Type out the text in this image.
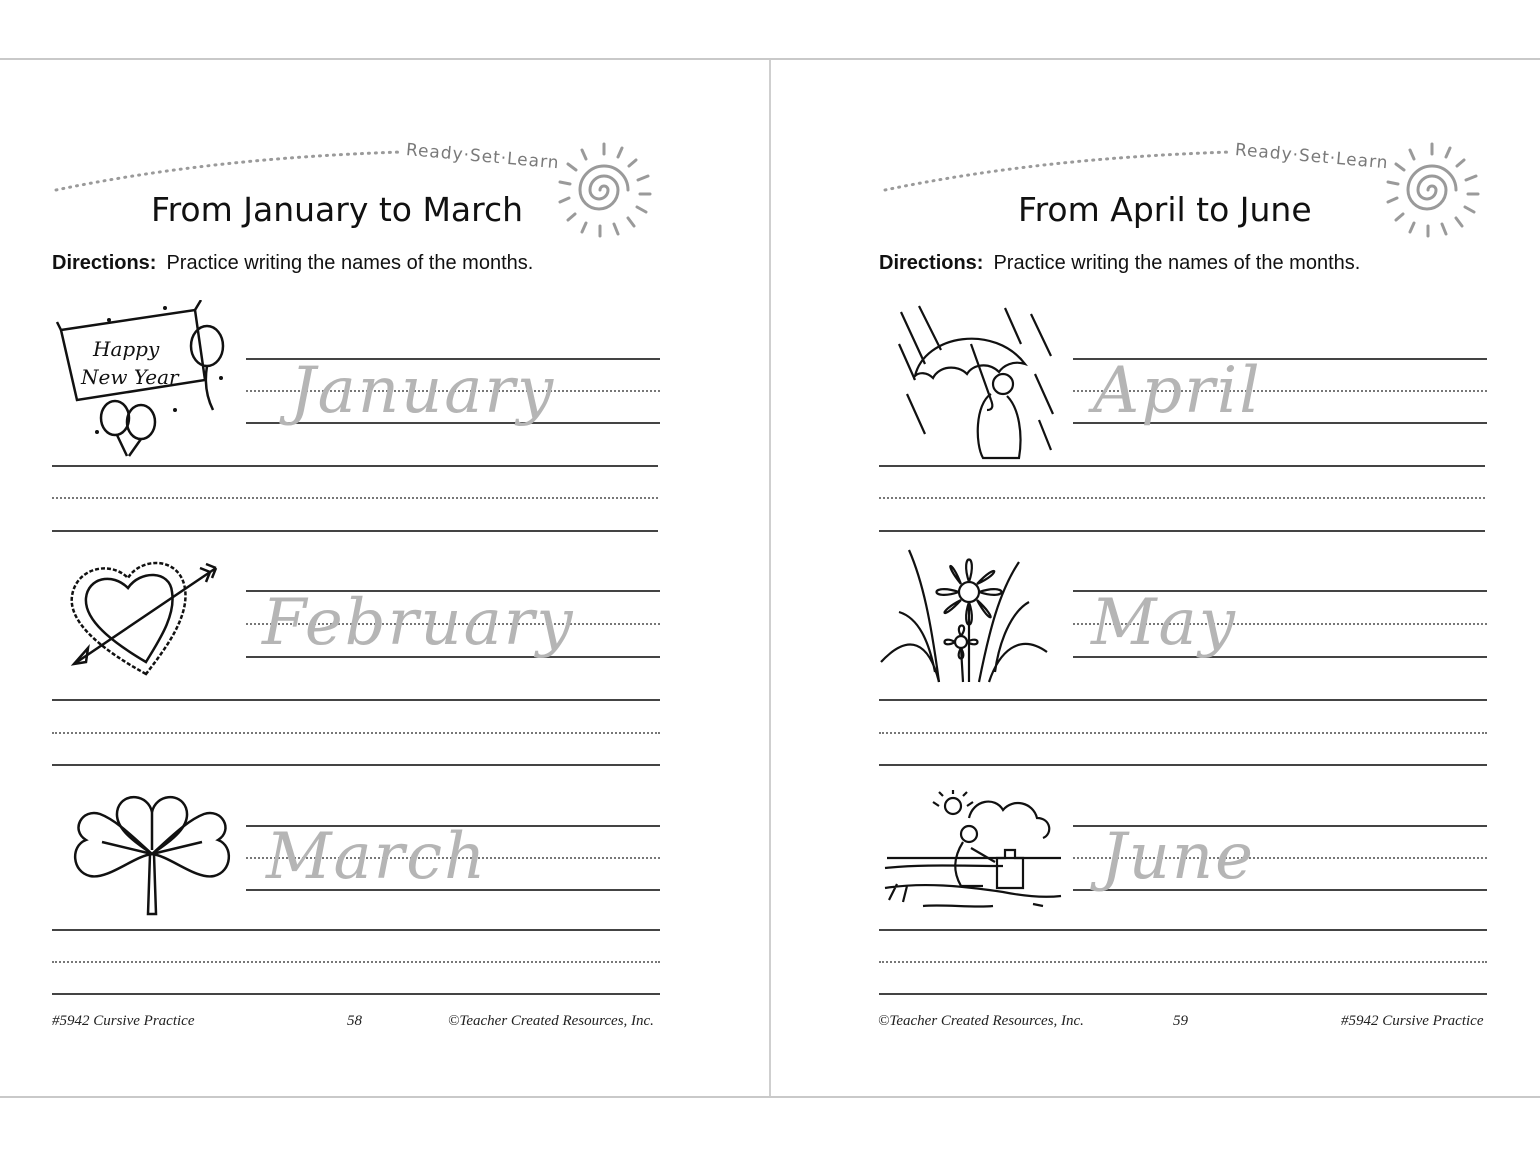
Ready·Set·Learn
From January to March
Directions: Practice writing the names of the months.
Happy
New Year January
February
March
#5942 Cursive Practice	58	©Teacher Created Resources, Inc.
Ready·Set·Learn
From April to June
Directions: Practice writing the names of the months.
April
May
June
©Teacher Created Resources, Inc.	59	#5942 Cursive Practice
